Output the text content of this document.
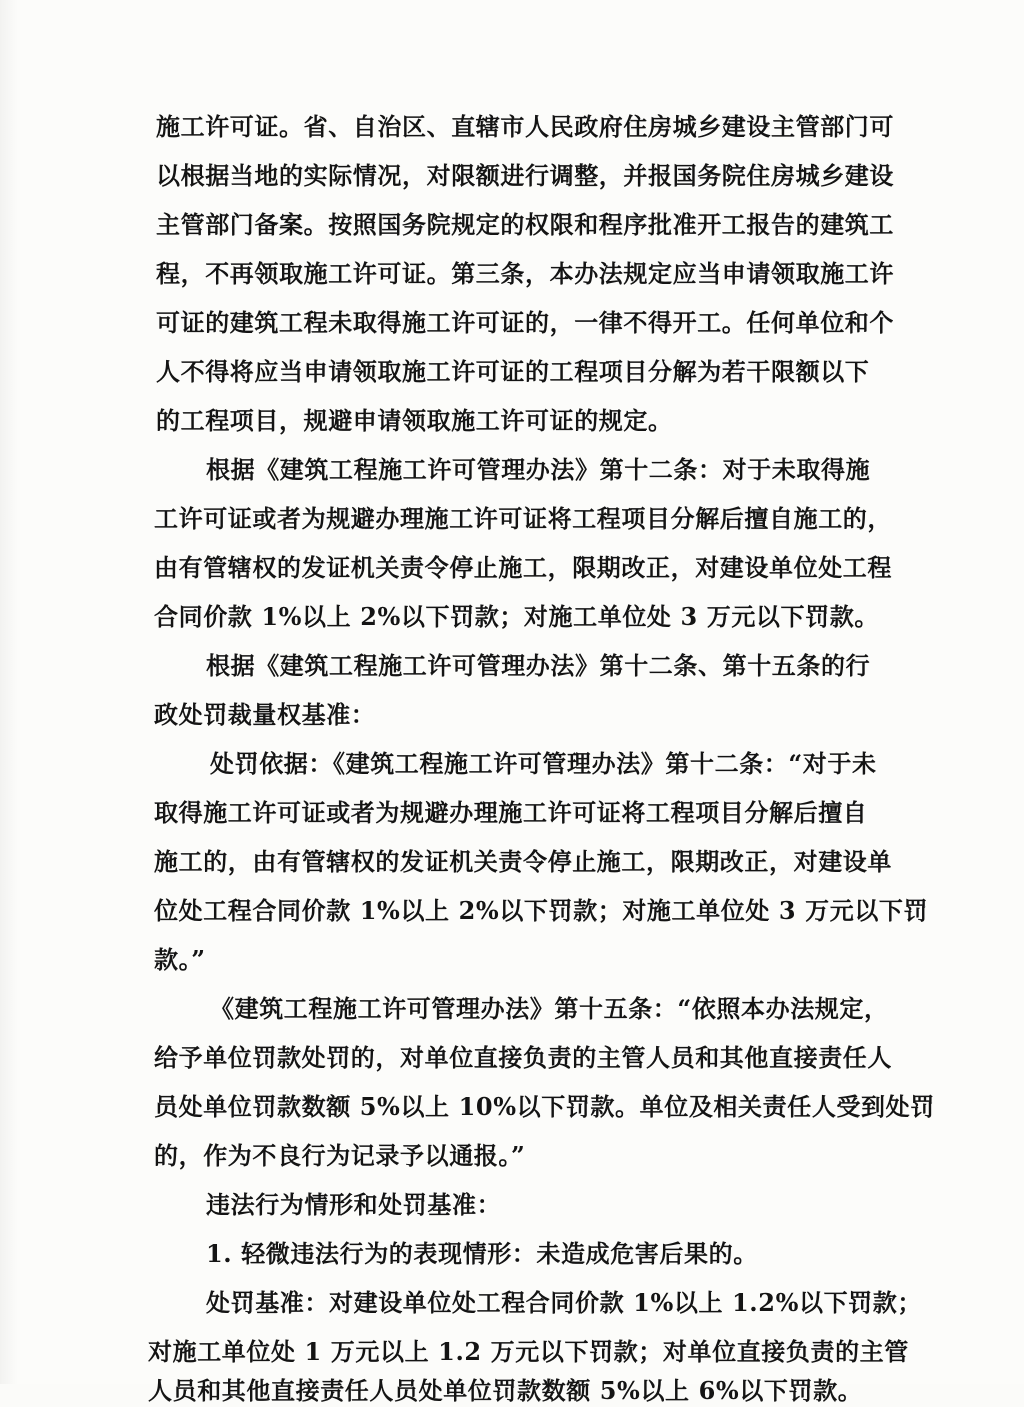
施工许可证。省、自治区、直辖市人民政府住房城乡建设主管部门可
以根据当地的实际情况，对限额进行调整，并报国务院住房城乡建设
主管部门备案。按照国务院规定的权限和程序批准开工报告的建筑工
程，不再领取施工许可证。第三条，本办法规定应当申请领取施工许
可证的建筑工程未取得施工许可证的，一律不得开工。任何单位和个
人不得将应当申请领取施工许可证的工程项目分解为若干限额以下
的工程项目，规避申请领取施工许可证的规定。
根据《建筑工程施工许可管理办法》第十二条：对于未取得施
工许可证或者为规避办理施工许可证将工程项目分解后擅自施工的，
由有管辖权的发证机关责令停止施工，限期改正，对建设单位处工程
合同价款 1%以上 2%以下罚款；对施工单位处 3 万元以下罚款。
根据《建筑工程施工许可管理办法》第十二条、第十五条的行
政处罚裁量权基准：
处罚依据：《建筑工程施工许可管理办法》第十二条：“对于未
取得施工许可证或者为规避办理施工许可证将工程项目分解后擅自
施工的，由有管辖权的发证机关责令停止施工，限期改正，对建设单
位处工程合同价款 1%以上 2%以下罚款；对施工单位处 3 万元以下罚
款。”
《建筑工程施工许可管理办法》第十五条：“依照本办法规定，
给予单位罚款处罚的，对单位直接负责的主管人员和其他直接责任人
员处单位罚款数额 5%以上 10%以下罚款。单位及相关责任人受到处罚
的，作为不良行为记录予以通报。”
违法行为情形和处罚基准：
1. 轻微违法行为的表现情形：未造成危害后果的。
处罚基准：对建设单位处工程合同价款 1%以上 1.2%以下罚款；
对施工单位处 1 万元以上 1.2 万元以下罚款；对单位直接负责的主管
人员和其他直接责任人员处单位罚款数额 5%以上 6%以下罚款。
